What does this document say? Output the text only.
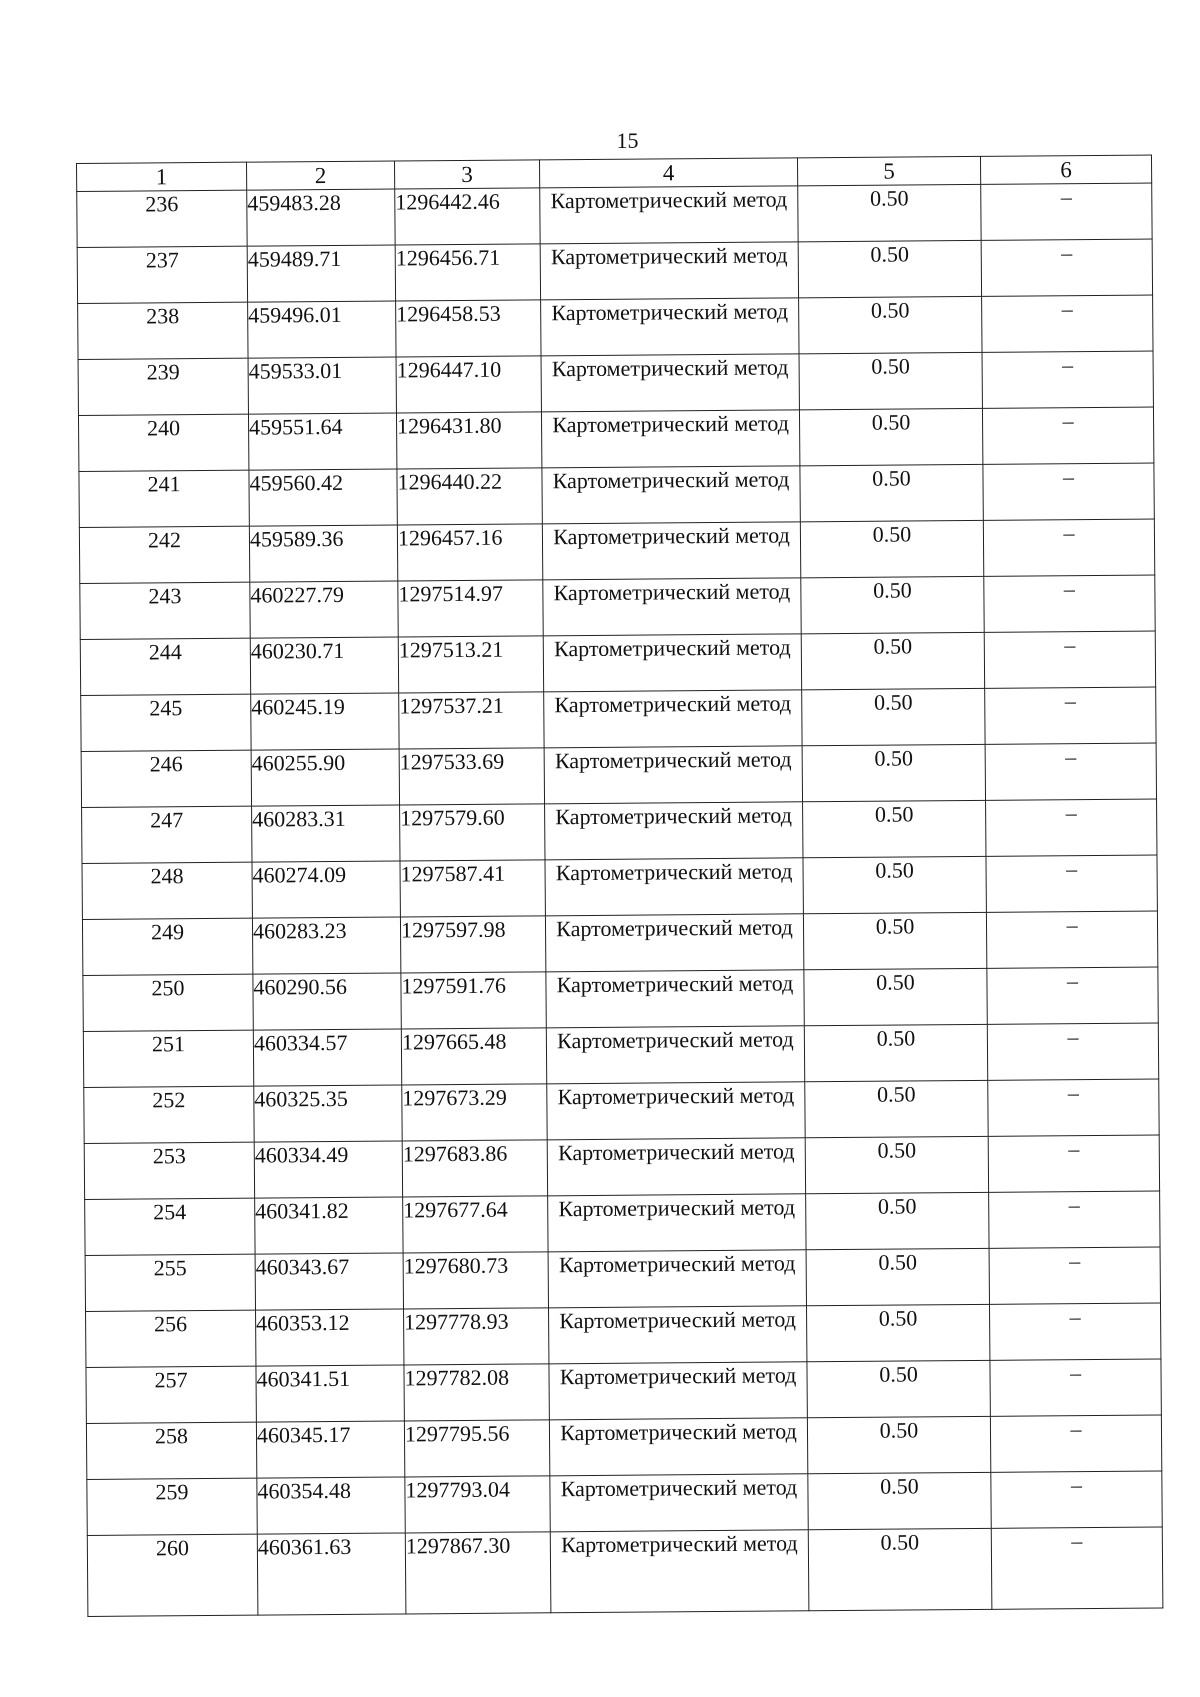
15
1	2	3	4	5	6
236	459483.28	1296442.46	Картометрический метод	0.50	–
237	459489.71	1296456.71	Картометрический метод	0.50	–
238	459496.01	1296458.53	Картометрический метод	0.50	–
239	459533.01	1296447.10	Картометрический метод	0.50	–
240	459551.64	1296431.80	Картометрический метод	0.50	–
241	459560.42	1296440.22	Картометрический метод	0.50	–
242	459589.36	1296457.16	Картометрический метод	0.50	–
243	460227.79	1297514.97	Картометрический метод	0.50	–
244	460230.71	1297513.21	Картометрический метод	0.50	–
245	460245.19	1297537.21	Картометрический метод	0.50	–
246	460255.90	1297533.69	Картометрический метод	0.50	–
247	460283.31	1297579.60	Картометрический метод	0.50	–
248	460274.09	1297587.41	Картометрический метод	0.50	–
249	460283.23	1297597.98	Картометрический метод	0.50	–
250	460290.56	1297591.76	Картометрический метод	0.50	–
251	460334.57	1297665.48	Картометрический метод	0.50	–
252	460325.35	1297673.29	Картометрический метод	0.50	–
253	460334.49	1297683.86	Картометрический метод	0.50	–
254	460341.82	1297677.64	Картометрический метод	0.50	–
255	460343.67	1297680.73	Картометрический метод	0.50	–
256	460353.12	1297778.93	Картометрический метод	0.50	–
257	460341.51	1297782.08	Картометрический метод	0.50	–
258	460345.17	1297795.56	Картометрический метод	0.50	–
259	460354.48	1297793.04	Картометрический метод	0.50	–
260	460361.63	1297867.30	Картометрический метод	0.50	–
